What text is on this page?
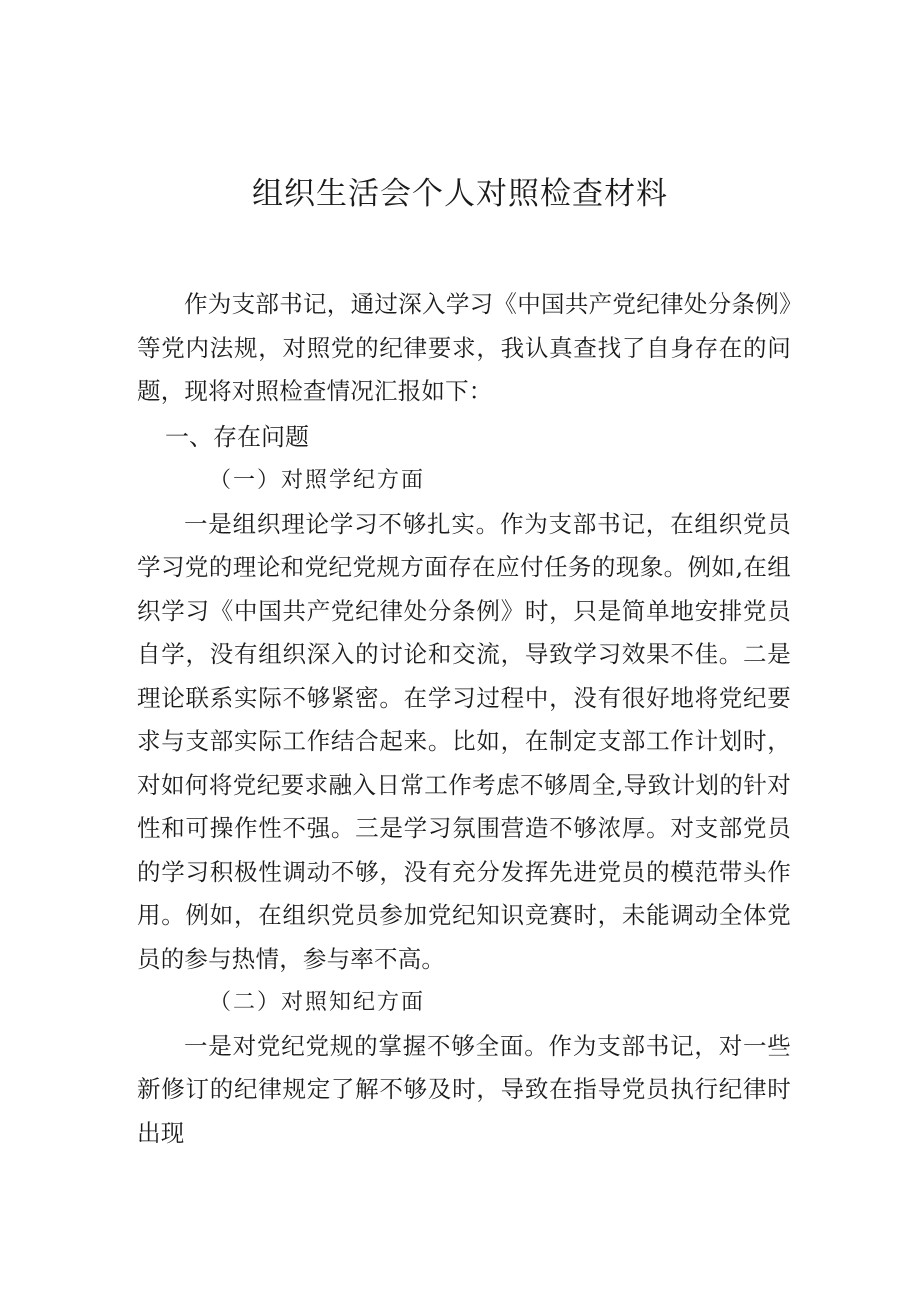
组织生活会个人对照检查材料

作为支部书记，通过深入学习《中国共产党纪律处分条例》等党内法规，对照党的纪律要求，我认真查找了自身存在的问题，现将对照检查情况汇报如下：

一、存在问题

（一）对照学纪方面

一是组织理论学习不够扎实。作为支部书记，在组织党员学习党的理论和党纪党规方面存在应付任务的现象。例如,在组织学习《中国共产党纪律处分条例》时，只是简单地安排党员自学，没有组织深入的讨论和交流，导致学习效果不佳。二是理论联系实际不够紧密。在学习过程中，没有很好地将党纪要求与支部实际工作结合起来。比如，在制定支部工作计划时，对如何将党纪要求融入日常工作考虑不够周全,导致计划的针对性和可操作性不强。三是学习氛围营造不够浓厚。对支部党员的学习积极性调动不够，没有充分发挥先进党员的模范带头作用。例如，在组织党员参加党纪知识竞赛时，未能调动全体党员的参与热情，参与率不高。

（二）对照知纪方面

一是对党纪党规的掌握不够全面。作为支部书记，对一些新修订的纪律规定了解不够及时，导致在指导党员执行纪律时出现
